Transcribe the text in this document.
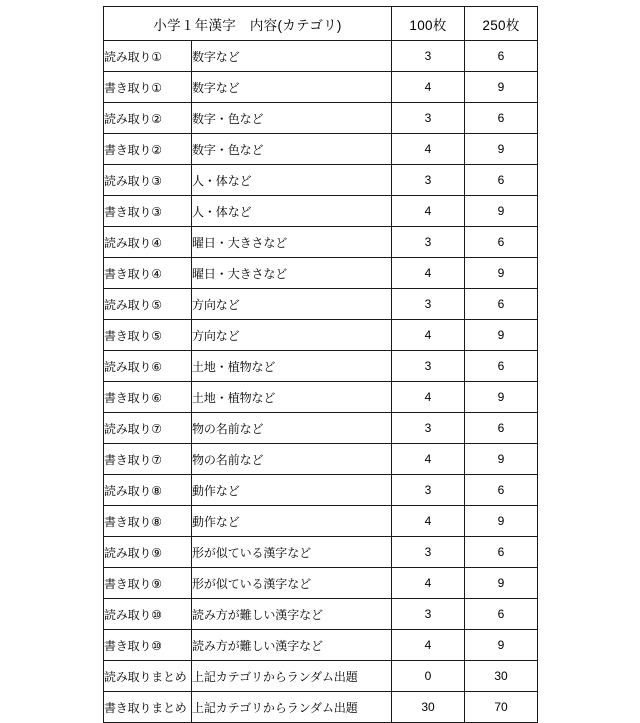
小学１年漢字　内容(カテゴリ)		100枚	250枚
読み取り①	数字など	3	6
書き取り①	数字など	4	9
読み取り②	数字・色など	3	6
書き取り②	数字・色など	4	9
読み取り③	人・体など	3	6
書き取り③	人・体など	4	9
読み取り④	曜日・大きさなど	3	6
書き取り④	曜日・大きさなど	4	9
読み取り⑤	方向など	3	6
書き取り⑤	方向など	4	9
読み取り⑥	土地・植物など	3	6
書き取り⑥	土地・植物など	4	9
読み取り⑦	物の名前など	3	6
書き取り⑦	物の名前など	4	9
読み取り⑧	動作など	3	6
書き取り⑧	動作など	4	9
読み取り⑨	形が似ている漢字など	3	6
書き取り⑨	形が似ている漢字など	4	9
読み取り⑩	読み方が難しい漢字など	3	6
書き取り⑩	読み方が難しい漢字など	4	9
読み取りまとめ	上記カテゴリからランダム出題	0	30
書き取りまとめ	上記カテゴリからランダム出題	30	70
